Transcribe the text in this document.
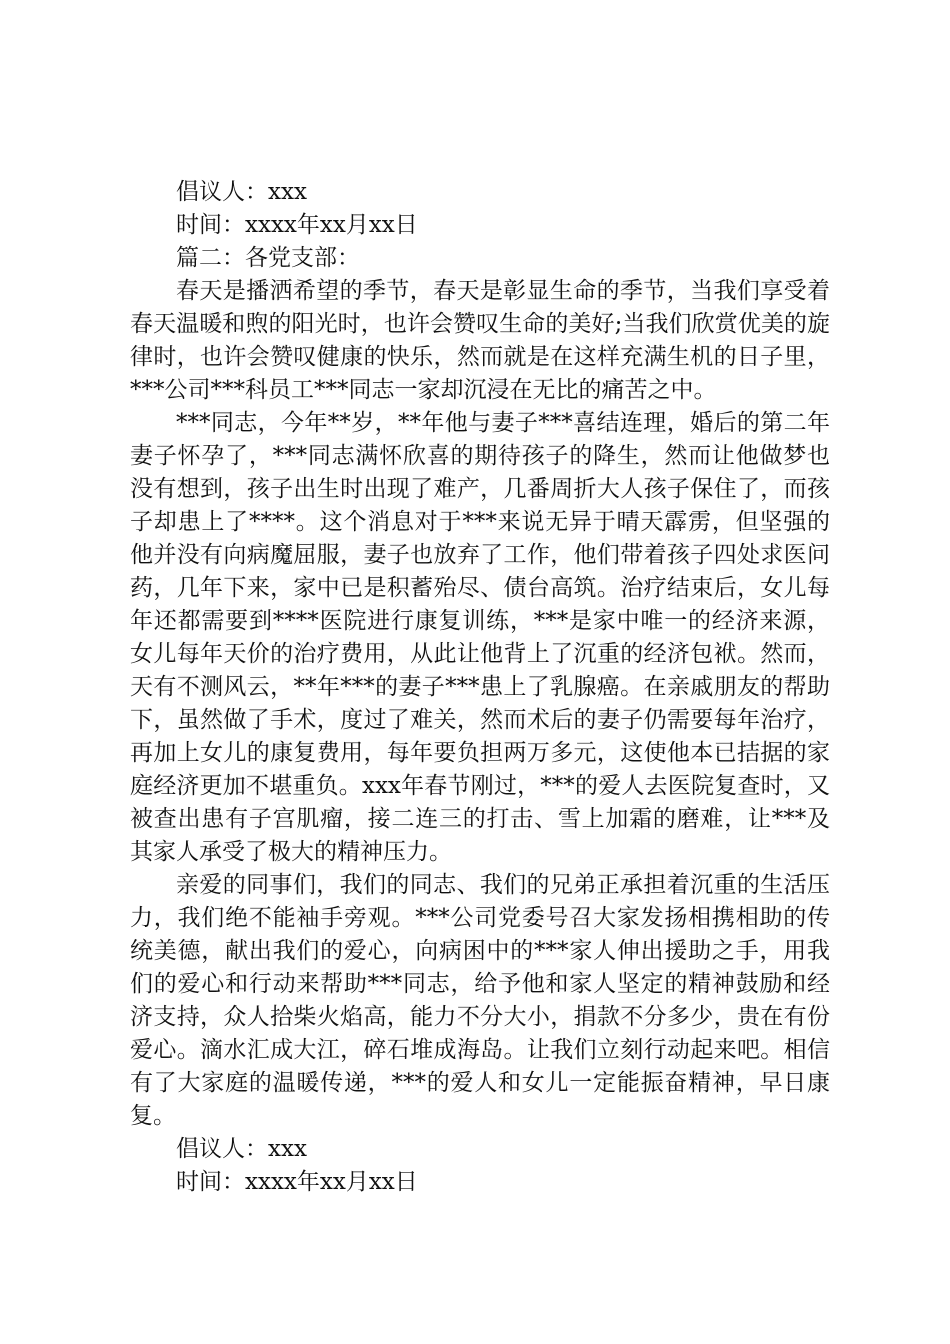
倡议人：xxx

时间：xxxx年xx月xx日

篇二：各党支部：

春天是播洒希望的季节，春天是彰显生命的季节，当我们享受着春天温暖和煦的阳光时，也许会赞叹生命的美好;当我们欣赏优美的旋律时，也许会赞叹健康的快乐，然而就是在这样充满生机的日子里，***公司***科员工***同志一家却沉浸在无比的痛苦之中。

***同志，今年**岁，**年他与妻子***喜结连理，婚后的第二年妻子怀孕了，***同志满怀欣喜的期待孩子的降生，然而让他做梦也没有想到，孩子出生时出现了难产，几番周折大人孩子保住了，而孩子却患上了****。这个消息对于***来说无异于晴天霹雳，但坚强的他并没有向病魔屈服，妻子也放弃了工作，他们带着孩子四处求医问药，几年下来，家中已是积蓄殆尽、债台高筑。治疗结束后，女儿每年还都需要到****医院进行康复训练，***是家中唯一的经济来源，女儿每年天价的治疗费用，从此让他背上了沉重的经济包袱。然而，天有不测风云，**年***的妻子***患上了乳腺癌。在亲戚朋友的帮助下，虽然做了手术，度过了难关，然而术后的妻子仍需要每年治疗，再加上女儿的康复费用，每年要负担两万多元，这使他本已拮据的家庭经济更加不堪重负。xxx年春节刚过，***的爱人去医院复查时，又被查出患有子宫肌瘤，接二连三的打击、雪上加霜的磨难，让***及其家人承受了极大的精神压力。

亲爱的同事们，我们的同志、我们的兄弟正承担着沉重的生活压力，我们绝不能袖手旁观。***公司党委号召大家发扬相携相助的传统美德，献出我们的爱心，向病困中的***家人伸出援助之手，用我们的爱心和行动来帮助***同志，给予他和家人坚定的精神鼓励和经济支持，众人拾柴火焰高，能力不分大小，捐款不分多少，贵在有份爱心。滴水汇成大江，碎石堆成海岛。让我们立刻行动起来吧。相信有了大家庭的温暖传递，***的爱人和女儿一定能振奋精神，早日康复。

倡议人：xxx

时间：xxxx年xx月xx日
